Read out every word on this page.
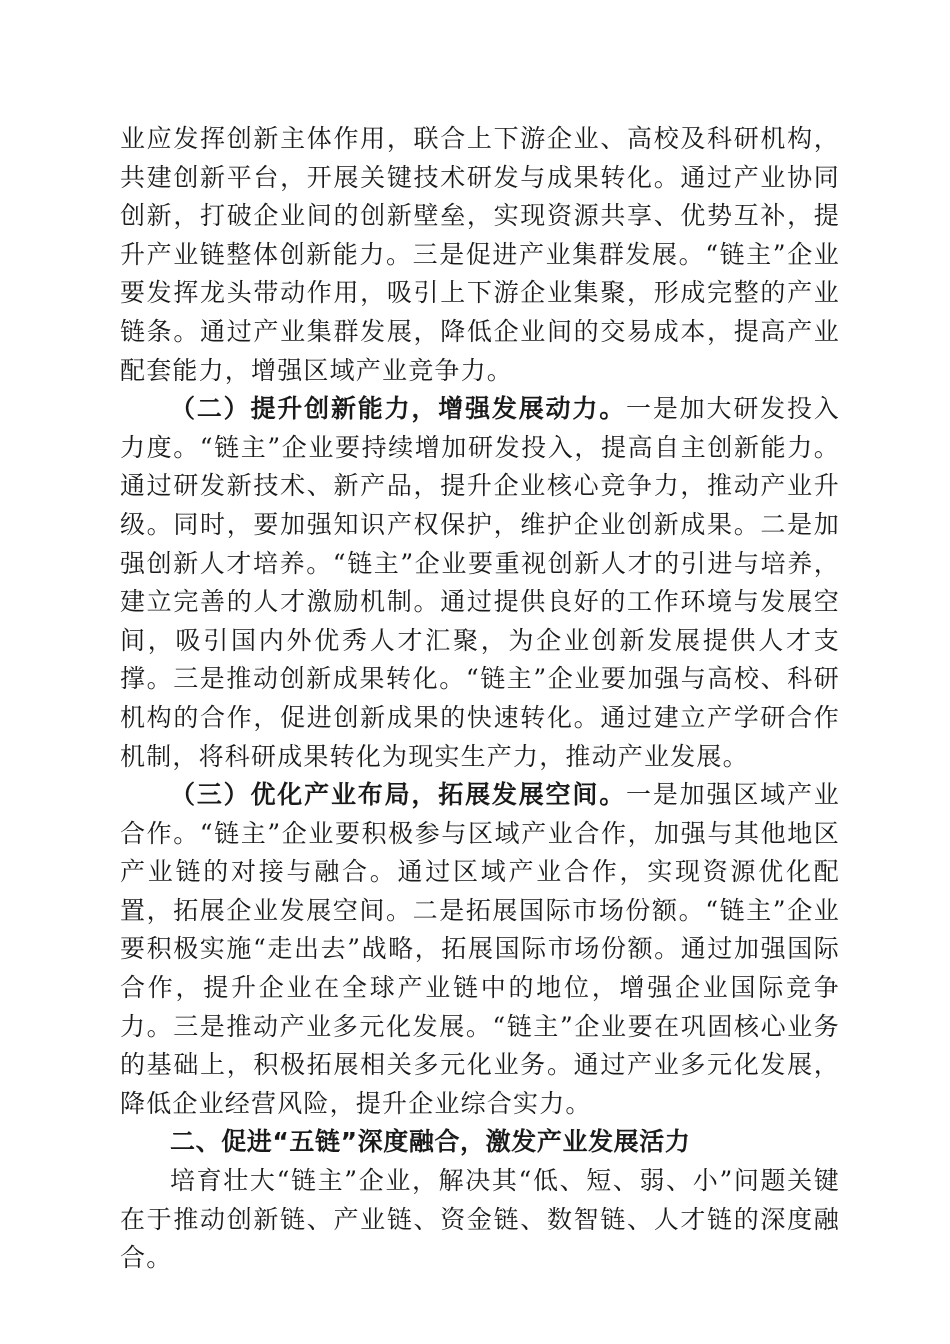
业应发挥创新主体作用，联合上下游企业、高校及科研机构，共建创新平台，开展关键技术研发与成果转化。通过产业协同创新，打破企业间的创新壁垒，实现资源共享、优势互补，提升产业链整体创新能力。三是促进产业集群发展。“链主”企业要发挥龙头带动作用，吸引上下游企业集聚，形成完整的产业链条。通过产业集群发展，降低企业间的交易成本，提高产业配套能力，增强区域产业竞争力。

（二）提升创新能力，增强发展动力。一是加大研发投入力度。“链主”企业要持续增加研发投入，提高自主创新能力。通过研发新技术、新产品，提升企业核心竞争力，推动产业升级。同时，要加强知识产权保护，维护企业创新成果。二是加强创新人才培养。“链主”企业要重视创新人才的引进与培养，建立完善的人才激励机制。通过提供良好的工作环境与发展空间，吸引国内外优秀人才汇聚，为企业创新发展提供人才支撑。三是推动创新成果转化。“链主”企业要加强与高校、科研机构的合作，促进创新成果的快速转化。通过建立产学研合作机制，将科研成果转化为现实生产力，推动产业发展。

（三）优化产业布局，拓展发展空间。一是加强区域产业合作。“链主”企业要积极参与区域产业合作，加强与其他地区产业链的对接与融合。通过区域产业合作，实现资源优化配置，拓展企业发展空间。二是拓展国际市场份额。“链主”企业要积极实施“走出去”战略，拓展国际市场份额。通过加强国际合作，提升企业在全球产业链中的地位，增强企业国际竞争力。三是推动产业多元化发展。“链主”企业要在巩固核心业务的基础上，积极拓展相关多元化业务。通过产业多元化发展，降低企业经营风险，提升企业综合实力。

二、促进“五链”深度融合，激发产业发展活力

培育壮大“链主”企业，解决其“低、短、弱、小”问题关键在于推动创新链、产业链、资金链、数智链、人才链的深度融合。
